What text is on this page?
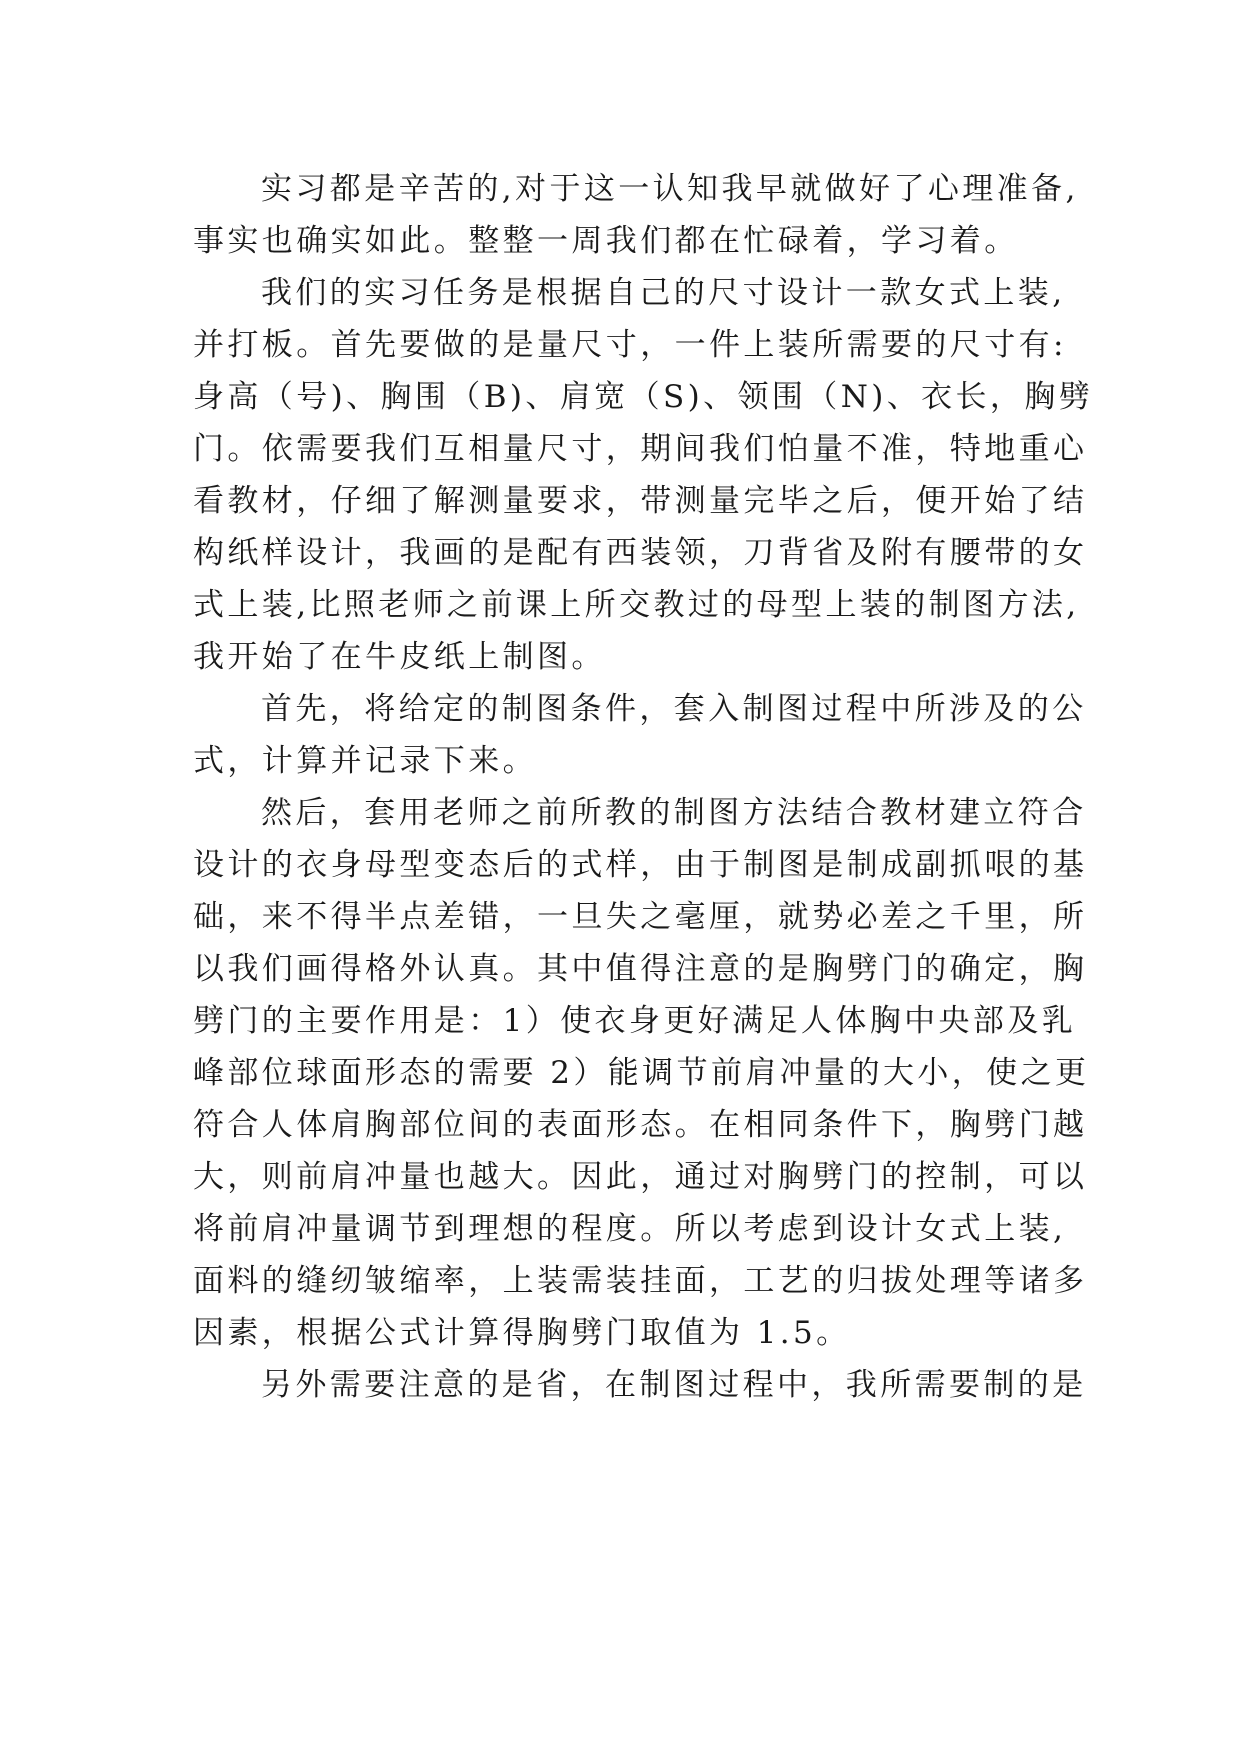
实习都是辛苦的,对于这一认知我早就做好了心理准备,
事实也确实如此。整整一周我们都在忙碌着，学习着。

我们的实习任务是根据自己的尺寸设计一款女式上装,
并打板。首先要做的是量尺寸，一件上装所需要的尺寸有:
身高（号)、胸围（B)、肩宽（S)、领围（N)、衣长，胸劈
门。依需要我们互相量尺寸，期间我们怕量不准，特地重心
看教材，仔细了解测量要求，带测量完毕之后，便开始了结
构纸样设计，我画的是配有西装领，刀背省及附有腰带的女
式上装,比照老师之前课上所交教过的母型上装的制图方法,
我开始了在牛皮纸上制图。

首先，将给定的制图条件，套入制图过程中所涉及的公
式，计算并记录下来。

然后，套用老师之前所教的制图方法结合教材建立符合
设计的衣身母型变态后的式样，由于制图是制成副抓哏的基
础，来不得半点差错，一旦失之毫厘，就势必差之千里，所
以我们画得格外认真。其中值得注意的是胸劈门的确定，胸
劈门的主要作用是：1）使衣身更好满足人体胸中央部及乳
峰部位球面形态的需要 2）能调节前肩冲量的大小，使之更
符合人体肩胸部位间的表面形态。在相同条件下，胸劈门越
大，则前肩冲量也越大。因此，通过对胸劈门的控制，可以
将前肩冲量调节到理想的程度。所以考虑到设计女式上装,
面料的缝纫皱缩率，上装需装挂面，工艺的归拔处理等诸多
因素，根据公式计算得胸劈门取值为 1.5。

另外需要注意的是省，在制图过程中，我所需要制的是
